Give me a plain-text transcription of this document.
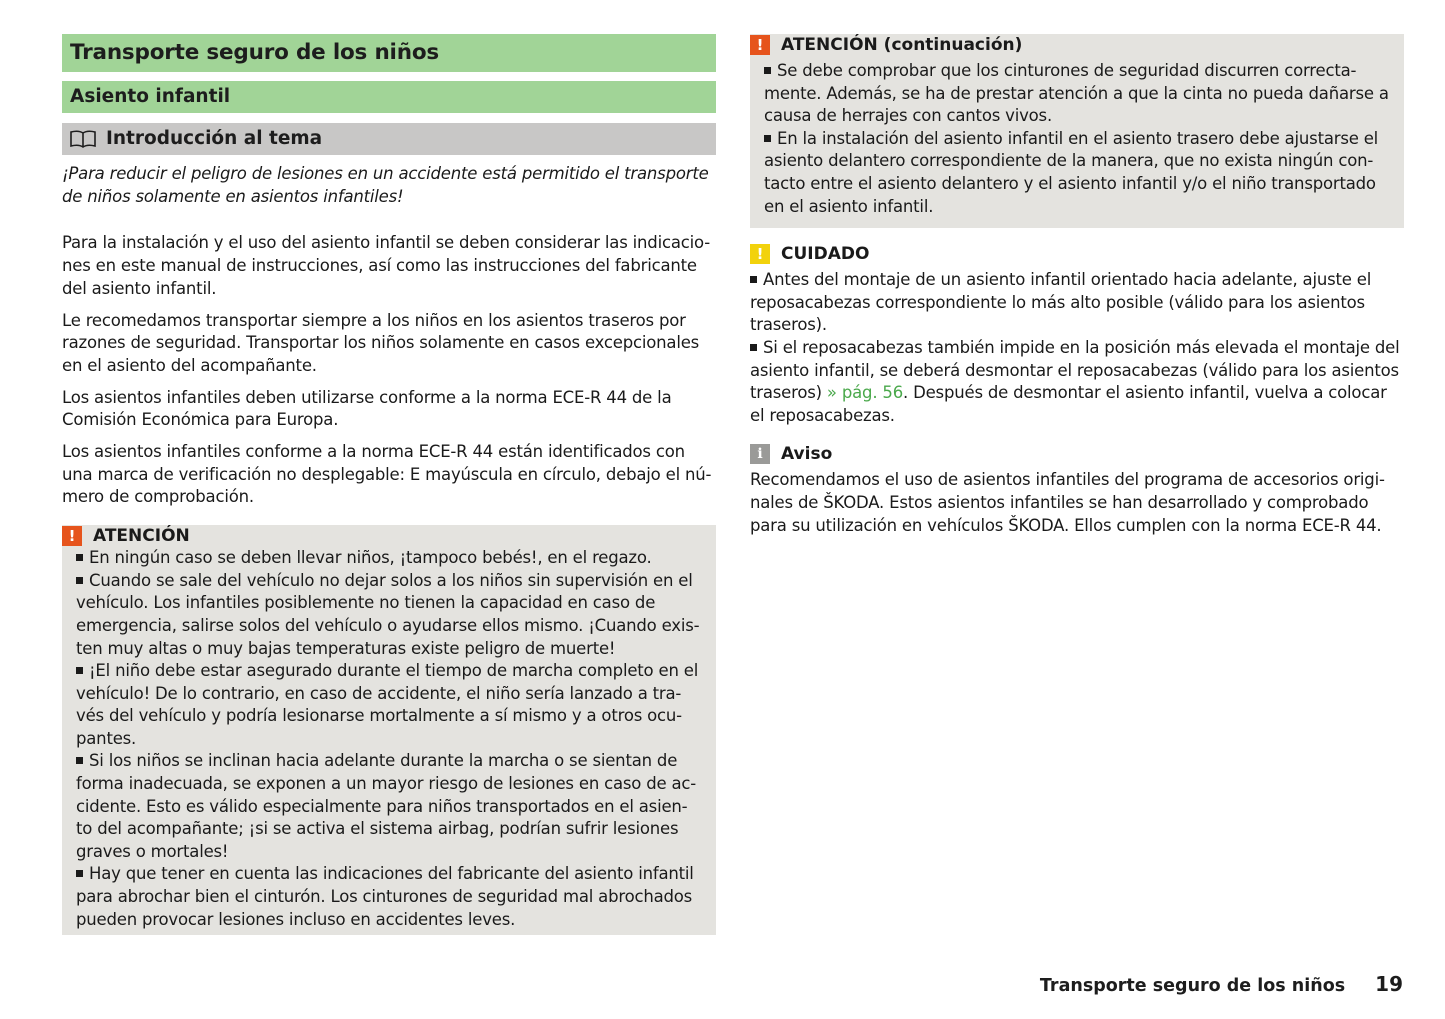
Transporte seguro de los niños
Asiento infantil
Introducción al tema

¡Para reducir el peligro de lesiones en un accidente está permitido el transporte de niños solamente en asientos infantiles!

Para la instalación y el uso del asiento infantil se deben considerar las indicacio- nes en este manual de instrucciones, así como las instrucciones del fabricante del asiento infantil.

Le recomedamos transportar siempre a los niños en los asientos traseros por razones de seguridad. Transportar los niños solamente en casos excepcionales en el asiento del acompañante.

Los asientos infantiles deben utilizarse conforme a la norma ECE-R 44 de la Comisión Económica para Europa.

Los asientos infantiles conforme a la norma ECE-R 44 están identificados con una marca de verificación no desplegable: E mayúscula en círculo, debajo el nú- mero de comprobación.

!	ATENCIÓN

En ningún caso se deben llevar niños, ¡tampoco bebés!, en el regazo.

Cuando se sale del vehículo no dejar solos a los niños sin supervisión en el vehículo. Los infantiles posiblemente no tienen la capacidad en caso de emergencia, salirse solos del vehículo o ayudarse ellos mismo. ¡Cuando exis- ten muy altas o muy bajas temperaturas existe peligro de muerte!

¡El niño debe estar asegurado durante el tiempo de marcha completo en el vehículo! De lo contrario, en caso de accidente, el niño sería lanzado a tra- vés del vehículo y podría lesionarse mortalmente a sí mismo y a otros ocu- pantes.

Si los niños se inclinan hacia adelante durante la marcha o se sientan de forma inadecuada, se exponen a un mayor riesgo de lesiones en caso de ac- cidente. Esto es válido especialmente para niños transportados en el asien- to del acompañante; ¡si se activa el sistema airbag, podrían sufrir lesiones graves o mortales!

Hay que tener en cuenta las indicaciones del fabricante del asiento infantil para abrochar bien el cinturón. Los cinturones de seguridad mal abrochados pueden provocar lesiones incluso en accidentes leves.

!	ATENCIÓN (continuación)

Se debe comprobar que los cinturones de seguridad discurren correcta- mente. Además, se ha de prestar atención a que la cinta no pueda dañarse a causa de herrajes con cantos vivos.

En la instalación del asiento infantil en el asiento trasero debe ajustarse el asiento delantero correspondiente de la manera, que no exista ningún con- tacto entre el asiento delantero y el asiento infantil y/o el niño transportado en el asiento infantil.

!	CUIDADO

Antes del montaje de un asiento infantil orientado hacia adelante, ajuste el reposacabezas correspondiente lo más alto posible (válido para los asientos traseros).

Si el reposacabezas también impide en la posición más elevada el montaje del asiento infantil, se deberá desmontar el reposacabezas (válido para los asientos traseros) » pág. 56. Después de desmontar el asiento infantil, vuelva a colocar el reposacabezas.

i	Aviso

Recomendamos el uso de asientos infantiles del programa de accesorios origi- nales de ŠKODA. Estos asientos infantiles se han desarrollado y comprobado para su utilización en vehículos ŠKODA. Ellos cumplen con la norma ECE-R 44.

Transporte seguro de los niños 19
